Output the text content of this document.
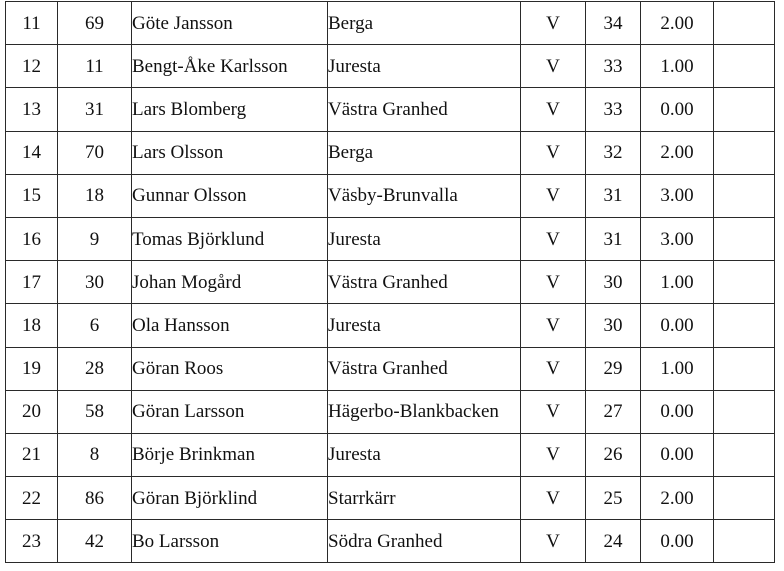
11	69	Göte Jansson	Berga	V	34	2.00	
12	11	Bengt-Åke Karlsson	Juresta	V	33	1.00	
13	31	Lars Blomberg	Västra Granhed	V	33	0.00	
14	70	Lars Olsson	Berga	V	32	2.00	
15	18	Gunnar Olsson	Väsby-Brunvalla	V	31	3.00	
16	9	Tomas Björklund	Juresta	V	31	3.00	
17	30	Johan Mogård	Västra Granhed	V	30	1.00	
18	6	Ola Hansson	Juresta	V	30	0.00	
19	28	Göran Roos	Västra Granhed	V	29	1.00	
20	58	Göran Larsson	Hägerbo-Blankbacken	V	27	0.00	
21	8	Börje Brinkman	Juresta	V	26	0.00	
22	86	Göran Björklind	Starrkärr	V	25	2.00	
23	42	Bo Larsson	Södra Granhed	V	24	0.00	
